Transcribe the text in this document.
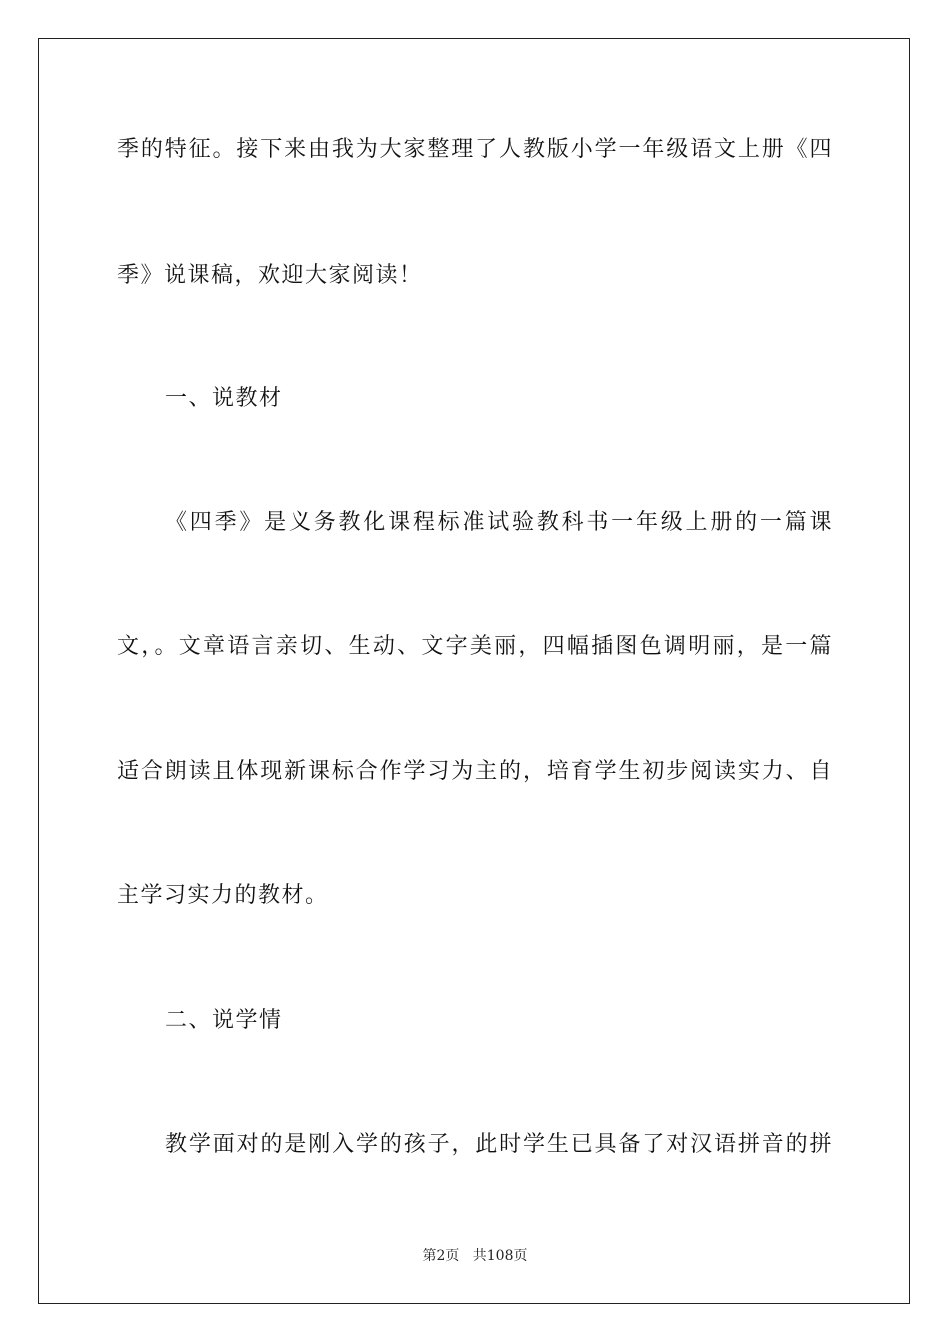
季的特征。接下来由我为大家整理了人教版小学一年级语文上册《四
季》说课稿，欢迎大家阅读！
一、说教材
《四季》是义务教化课程标准试验教科书一年级上册的一篇课
文，。文章语言亲切、生动、文字美丽，四幅插图色调明丽，是一篇
适合朗读且体现新课标合作学习为主的，培育学生初步阅读实力、自
主学习实力的教材。
二、说学情
教学面对的是刚入学的孩子，此时学生已具备了对汉语拼音的拼
第2页 共108页
